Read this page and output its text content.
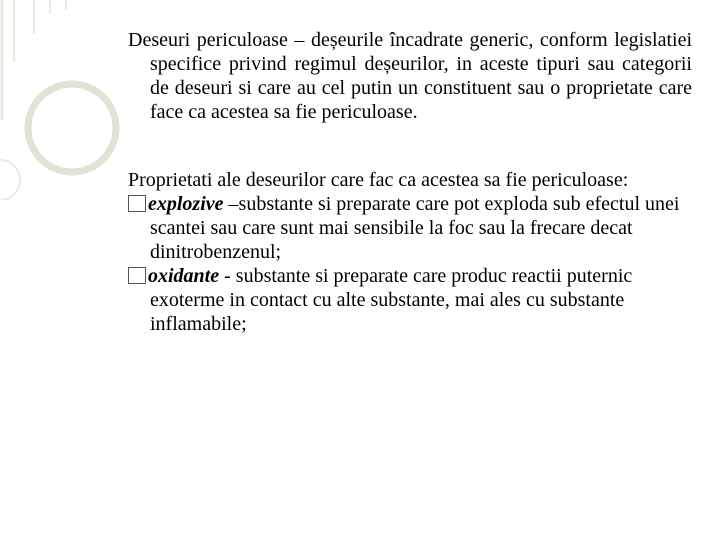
Deseuri periculoase – deșeurile încadrate generic, conform legislatiei specifice privind regimul deșeurilor, in aceste tipuri sau categorii de deseuri si care au cel putin un constituent sau o proprietate care face ca acestea sa fie periculoase.

Proprietati ale deseurilor care fac ca acestea sa fie periculoase:

explozive –substante si preparate care pot exploda sub efectul unei scantei sau care sunt mai sensibile la foc sau la frecare decat dinitrobenzenul;

oxidante - substante si preparate care produc reactii puternic exoterme in contact cu alte substante, mai ales cu substante inflamabile;
